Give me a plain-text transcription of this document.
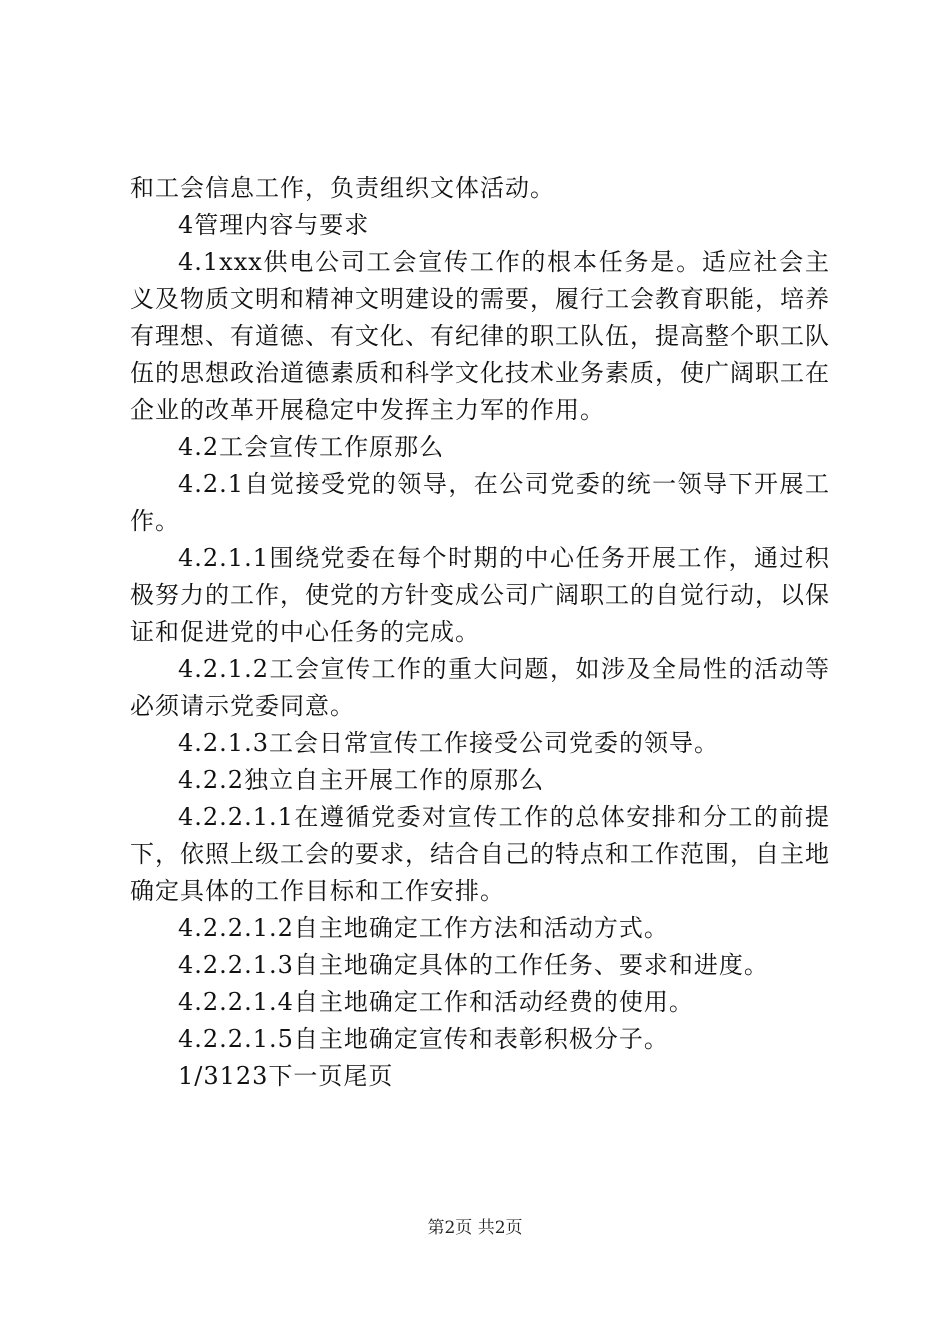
和工会信息工作，负责组织文体活动。

4管理内容与要求

4.1xxx供电公司工会宣传工作的根本任务是。适应社会主义及物质文明和精神文明建设的需要，履行工会教育职能，培养有理想、有道德、有文化、有纪律的职工队伍，提高整个职工队伍的思想政治道德素质和科学文化技术业务素质，使广阔职工在企业的改革开展稳定中发挥主力军的作用。

4.2工会宣传工作原那么

4.2.1自觉接受党的领导，在公司党委的统一领导下开展工作。

4.2.1.1围绕党委在每个时期的中心任务开展工作，通过积极努力的工作，使党的方针变成公司广阔职工的自觉行动，以保证和促进党的中心任务的完成。

4.2.1.2工会宣传工作的重大问题，如涉及全局性的活动等必须请示党委同意。

4.2.1.3工会日常宣传工作接受公司党委的领导。

4.2.2独立自主开展工作的原那么

4.2.2.1.1在遵循党委对宣传工作的总体安排和分工的前提下，依照上级工会的要求，结合自己的特点和工作范围，自主地确定具体的工作目标和工作安排。

4.2.2.1.2自主地确定工作方法和活动方式。

4.2.2.1.3自主地确定具体的工作任务、要求和进度。

4.2.2.1.4自主地确定工作和活动经费的使用。

4.2.2.1.5自主地确定宣传和表彰积极分子。

1/3123下一页尾页

第2页 共2页
